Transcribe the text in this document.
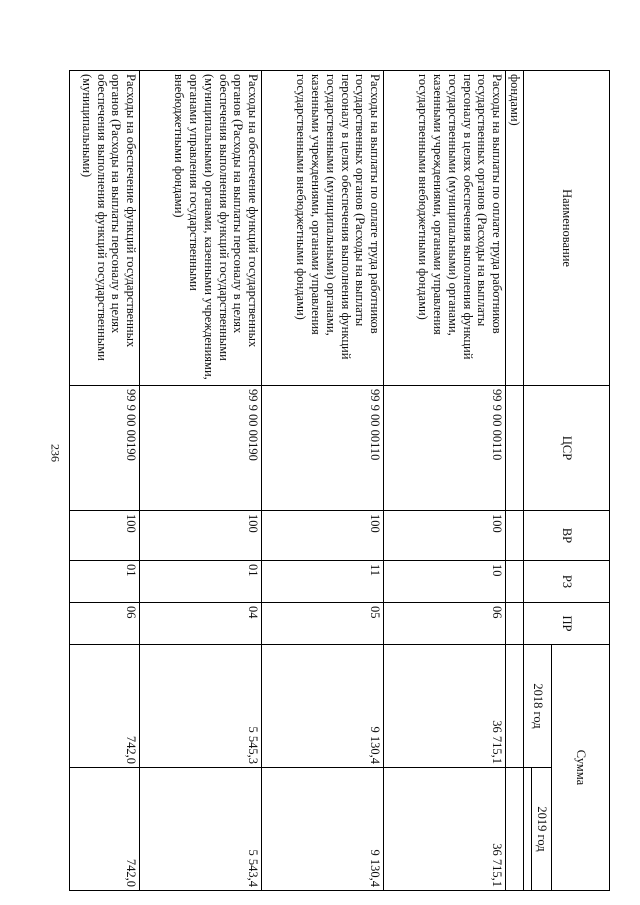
236
Наименование	ЦСР	ВР	РЗ	ПР	Сумма	
					2018 год	2019 год

фондами)						
Расходы на выплаты по оплате труда работников государственных органов (Расходы на выплаты персоналу в целях обеспечения выполнения функций государственными (муниципальными) органами, казенными учреждениями, органами управления государственными внебюджетными фондами)	99 9 00 00110	100	10	06	36 715,1	36 715,1
Расходы на выплаты по оплате труда работников государственных органов (Расходы на выплаты персоналу в целях обеспечения выполнения функций государственными (муниципальными) органами, казенными учреждениями, органами управления государственными внебюджетными фондами)	99 9 00 00110	100	11	05	9 130,4	9 130,4
Расходы на обеспечение функций государственных органов (Расходы на выплаты персоналу в целях обеспечения выполнения функций государственными (муниципальными) органами, казенными учреждениями, органами управления государственными внебюджетными фондами)	99 9 00 00190	100	01	04	5 545,3	5 543,4
Расходы на обеспечение функций государственных органов (Расходы на выплаты персоналу в целях обеспечения выполнения функций государственными (муниципальными)	99 9 00 00190	100	01	06	742,0	742,0
